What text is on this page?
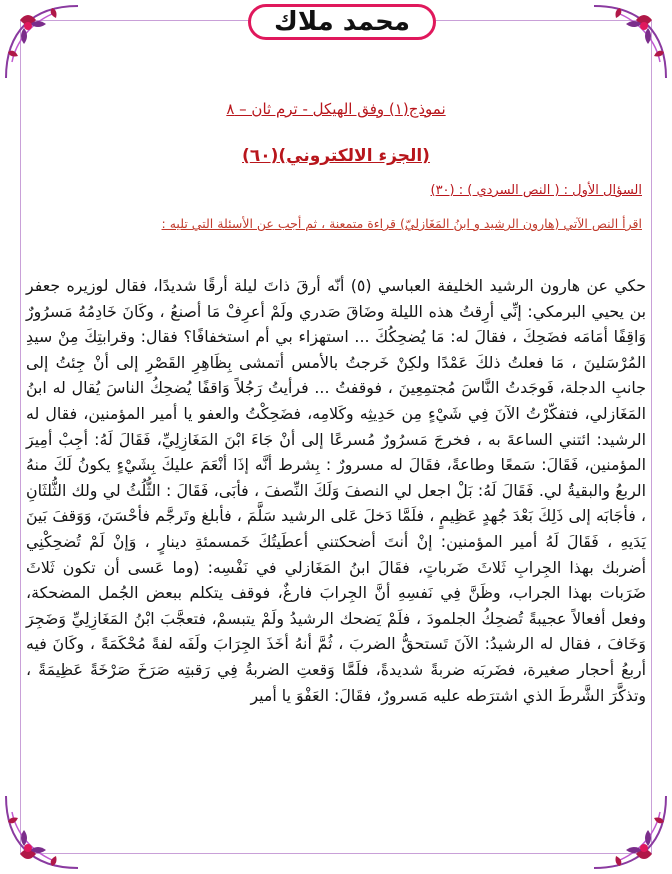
محمد ملاك
نموذج(١) وفق الهيكل - ترم ثان – ٨
(الجزء الالكتروني)(٦٠)
السؤال الأول : ( النص السردي ) : (٣٠)
اقرأ النص الآتي (هارون الرشيد و ابنُ المَغَازليّ) قراءة متمعنة ، ثم أجب عن الأسئلة التي تليه :
حكي عن هارون الرشيد الخليفة العباسي (٥) أنّه أرقَ ذاتَ ليلة أرقًا شديدًا، فقال لوزيره جعفر بن يحيي البرمكي: إنِّي أرِقتُ هذه الليلة وضَاقَ صَدري ولَمْ أعرِفْ مَا أصنعُ ، وكَانَ خَادِمُهُ مَسرُورٌ وَاقِفًا أمَامَه فضَحِكَ ، فقالَ له: مَا يُضحِكُكَ ... استهزاء بي أم استخفافًا؟ فقال: وقرابتِكَ مِنْ سيدِ المُرْسَلينَ ، مَا فعلتُ ذلكَ عَمْدًا ولكِنْ خَرجتُ بالأمس أتمشى بِظَاهِرِ القَصْرِ إلى أنْ جِئتُ إلى جانبِ الدجلة، فَوجَدتُ النَّاسَ مُجتمِعِينَ ، فوقفتُ ... فرأيتُ رَجُلاً وَاقفًا يُضحِكُ الناسَ يُقال له ابنُ المَغَازلي، فتفكّرْتُ الآنَ فِي شَيْءٍ مِن حَدِيثِه وكَلامِه، فضَحِكْتُ والعفو يا أمير المؤمنين، فقال له الرشيد: ائتني الساعةَ به ، فخرجَ مَسرُورٌ مُسرعًا إلى أنْ جَاءَ ابْنَ المَغَازِلِيِّ، فَقَالَ لَهُ: أجِبْ أمِيرَ المؤمنين، فَقَالَ: سَمعًا وطاعةً، فقَالَ له مسرورٌ : بِشرط أنَّه إذَا أنْعَمَ عليكَ بِشَيْءٍ يكونُ لَكَ منهُ الربعُ والبقيةُ لي. فَقَالَ لَهُ: بَلْ اجعل لي النصفَ وَلَكَ النِّصفَ ، فأبَى، فَقَالَ : الثُّلُثُ لي ولك الثُّلثَانِ ، فأجَابَه إلى ذَلِكَ بَعْدَ جُهدٍ عَظِيمٍ ، فلَمَّا دَخلَ عَلى الرشيد سَلَّمَ ، فأبلغ وتَرجَّم فأحْسَنَ، وَوَقفَ بَينَ يَدَيهِ ، فَقَالَ لَهُ أمير المؤمنين: إنْ أنتَ أضحكتني أعطَيتُكَ خَمسمئةِ دينارٍ ، وَإنْ لَمْ تُضحِكْنِي أضربك بهذا الجِرابِ ثَلاثَ ضَرباتٍ، فقَالَ ابنُ المَغَازلي في نَفْسِه: (وما عَسى أن تكون ثَلاثَ ضَرَبات بهذا الجراب، وظَنَّ فِي نَفسِهِ أنَّ الجِرابَ فارغٌ، فوقف يتكلم ببعض الجُمل المضحكة، وفعل أفعالاً عجيبةً تُضحِكُ الجلمودَ ، فلَمْ يَضحك الرشيدُ ولَمْ يتبسمْ، فتعجَّبَ ابْنُ المَغَازِلِيِّ وَضَجِرَ وَخَافَ ، فقال له الرشيدُ: الآنَ تَستحقُّ الضربَ ، ثُمَّ أنهُ أخَذَ الجِرَابَ ولَفَه لفةً مُحْكَمَةً ، وكَانَ فيه أربعُ أحجار صغيرة، فضَربَه ضربةً شديدةً، فلَمَّا وَقعتِ الضربةُ فِي رَقبتِه صَرَخَ صَرْخَةً عَظِيمَةً ، وتذكَّرَ الشَّرطَ الذي اشترَطه عليه مَسرورٌ، فقَالَ: العَفْوَ يا أمير
